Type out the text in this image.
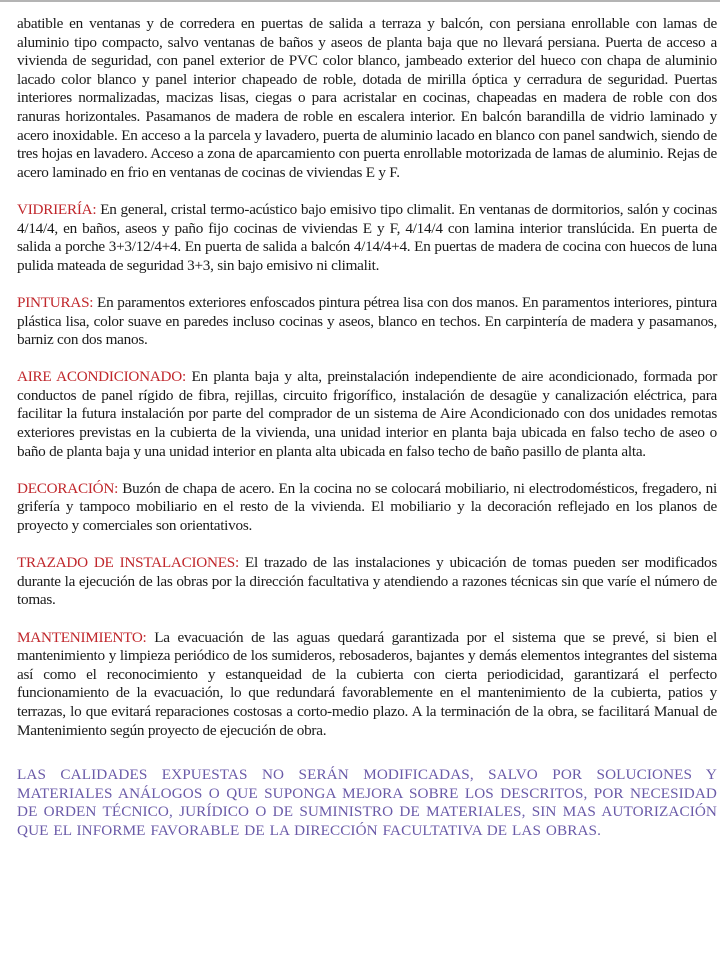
abatible en ventanas y de corredera en puertas de salida a terraza y balcón, con persiana enrollable con lamas de aluminio tipo compacto, salvo ventanas de baños y aseos de planta baja que no llevará persiana. Puerta de acceso a vivienda de seguridad, con panel exterior de PVC color blanco, jambeado exterior del hueco con chapa de aluminio lacado color blanco y panel interior chapeado de roble, dotada de mirilla óptica y cerradura de seguridad. Puertas interiores normalizadas, macizas lisas, ciegas o para acristalar en cocinas, chapeadas en madera de roble con dos ranuras horizontales. Pasamanos de madera de roble en escalera interior. En balcón barandilla de vidrio laminado y acero inoxidable. En acceso a la parcela y lavadero, puerta de aluminio lacado en blanco con panel sandwich, siendo de tres hojas en lavadero. Acceso a zona de aparcamiento con puerta enrollable motorizada de lamas de aluminio. Rejas de acero laminado en frio en ventanas de cocinas de viviendas E y F.

VIDRIERÍA: En general, cristal termo-acústico bajo emisivo tipo climalit. En ventanas de dormitorios, salón y cocinas 4/14/4, en baños, aseos y paño fijo cocinas de viviendas E y F, 4/14/4 con lamina interior translúcida. En puerta de salida a porche 3+3/12/4+4. En puerta de salida a balcón 4/14/4+4. En puertas de madera de cocina con huecos de luna pulida mateada de seguridad 3+3, sin bajo emisivo ni climalit.

PINTURAS: En paramentos exteriores enfoscados pintura pétrea lisa con dos manos. En paramentos interiores, pintura plástica lisa, color suave en paredes incluso cocinas y aseos, blanco en techos. En carpintería de madera y pasamanos, barniz con dos manos.

AIRE ACONDICIONADO: En planta baja y alta, preinstalación independiente de aire acondicionado, formada por conductos de panel rígido de fibra, rejillas, circuito frigorífico, instalación de desagüe y canalización eléctrica, para facilitar la futura instalación por parte del comprador de un sistema de Aire Acondicionado con dos unidades remotas exteriores previstas en la cubierta de la vivienda, una unidad interior en planta baja ubicada en falso techo de aseo o baño de planta baja y una unidad interior en planta alta ubicada en falso techo de baño pasillo de planta alta.

DECORACIÓN: Buzón de chapa de acero. En la cocina no se colocará mobiliario, ni electrodomésticos, fregadero, ni grifería y tampoco mobiliario en el resto de la vivienda. El mobiliario y la decoración reflejado en los planos de proyecto y comerciales son orientativos.

TRAZADO DE INSTALACIONES: El trazado de las instalaciones y ubicación de tomas pueden ser modificados durante la ejecución de las obras por la dirección facultativa y atendiendo a razones técnicas sin que varíe el número de tomas.

MANTENIMIENTO: La evacuación de las aguas quedará garantizada por el sistema que se prevé, si bien el mantenimiento y limpieza periódico de los sumideros, rebosaderos, bajantes y demás elementos integrantes del sistema así como el reconocimiento y estanqueidad de la cubierta con cierta periodicidad, garantizará el perfecto funcionamiento de la evacuación, lo que redundará favorablemente en el mantenimiento de la cubierta, patios y terrazas, lo que evitará reparaciones costosas a corto-medio plazo. A la terminación de la obra, se facilitará Manual de Mantenimiento según proyecto de ejecución de obra.

LAS CALIDADES EXPUESTAS NO SERÁN MODIFICADAS, SALVO POR SOLUCIONES Y MATERIALES ANÁLOGOS O QUE SUPONGA MEJORA SOBRE LOS DESCRITOS, POR NECESIDAD DE ORDEN TÉCNICO, JURÍDICO O DE SUMINISTRO DE MATERIALES, SIN MAS AUTORIZACIÓN QUE EL INFORME FAVORABLE DE LA DIRECCIÓN FACULTATIVA DE LAS OBRAS.
